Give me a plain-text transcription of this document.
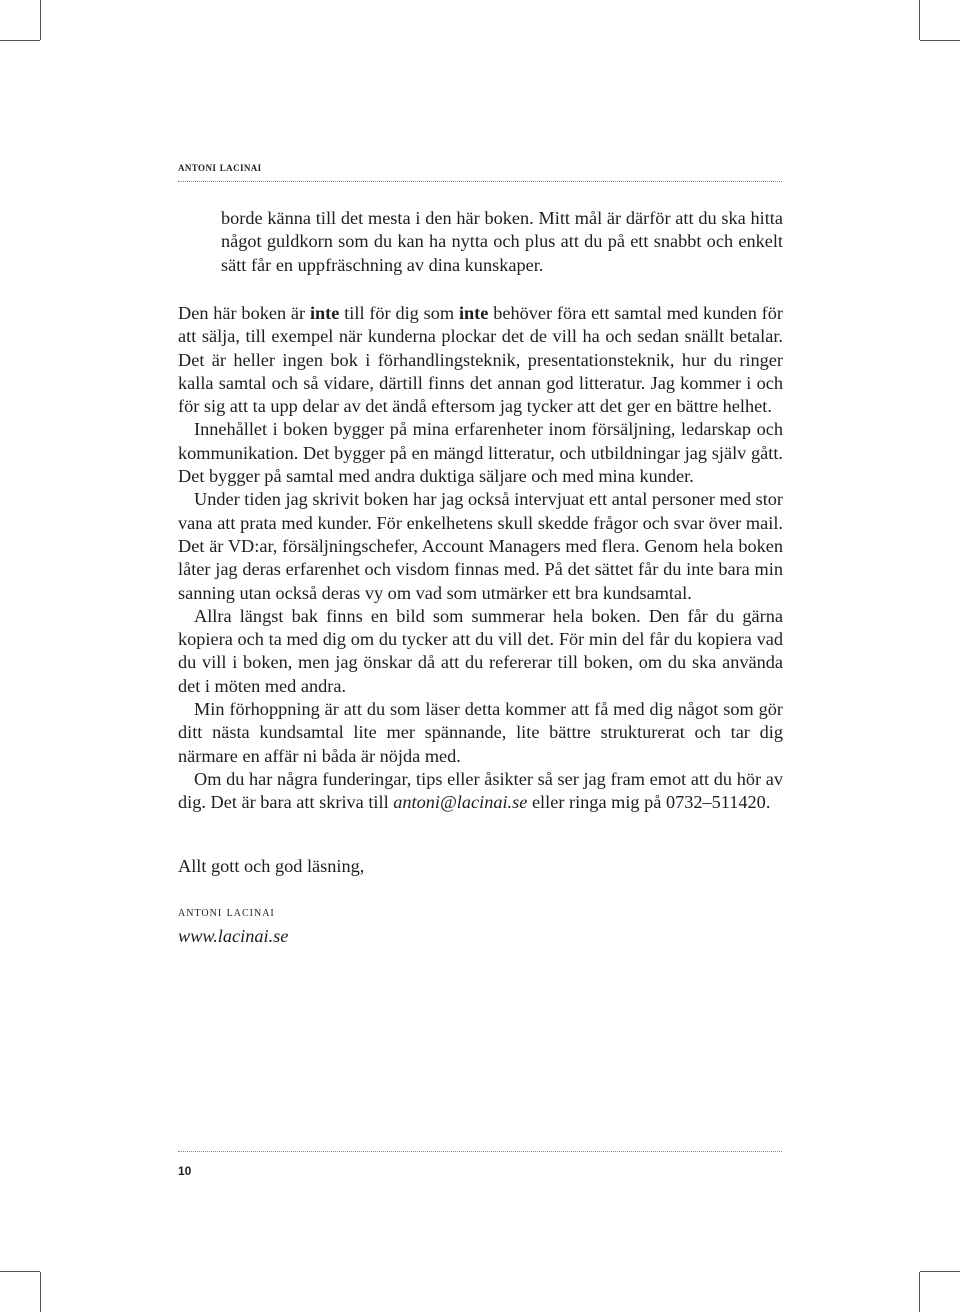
antoni lacinai
borde känna till det mesta i den här boken. Mitt mål är därför att du ska hitta något guldkorn som du kan ha nytta och plus att du på ett snabbt och enkelt sätt får en uppfräschning av dina kunskaper.

Den här boken är inte till för dig som inte behöver föra ett samtal med kunden för att sälja, till exempel när kunderna plockar det de vill ha och sedan snällt betalar. Det är heller ingen bok i förhandlingsteknik, presentationsteknik, hur du ringer kalla samtal och så vidare, därtill finns det annan god litteratur. Jag kommer i och för sig att ta upp delar av det ändå eftersom jag tycker att det ger en bättre helhet.

Innehållet i boken bygger på mina erfarenheter inom försäljning, ledarskap och kommunikation. Det bygger på en mängd litteratur, och utbildningar jag själv gått. Det bygger på samtal med andra duktiga säljare och med mina kunder.

Under tiden jag skrivit boken har jag också intervjuat ett antal personer med stor vana att prata med kunder. För enkelhetens skull skedde frågor och svar över mail. Det är VD:ar, försäljningschefer, Account Managers med flera. Genom hela boken låter jag deras erfarenhet och visdom finnas med. På det sättet får du inte bara min sanning utan också deras vy om vad som utmärker ett bra kundsamtal.

Allra längst bak finns en bild som summerar hela boken. Den får du gärna kopiera och ta med dig om du tycker att du vill det. För min del får du kopiera vad du vill i boken, men jag önskar då att du refererar till boken, om du ska använda det i möten med andra.

Min förhoppning är att du som läser detta kommer att få med dig något som gör ditt nästa kundsamtal lite mer spännande, lite bättre strukturerat och tar dig närmare en affär ni båda är nöjda med.

Om du har några funderingar, tips eller åsikter så ser jag fram emot att du hör av dig. Det är bara att skriva till antoni@lacinai.se eller ringa mig på 0732–511420.

Allt gott och god läsning,
antoni lacinai
www.lacinai.se
10
